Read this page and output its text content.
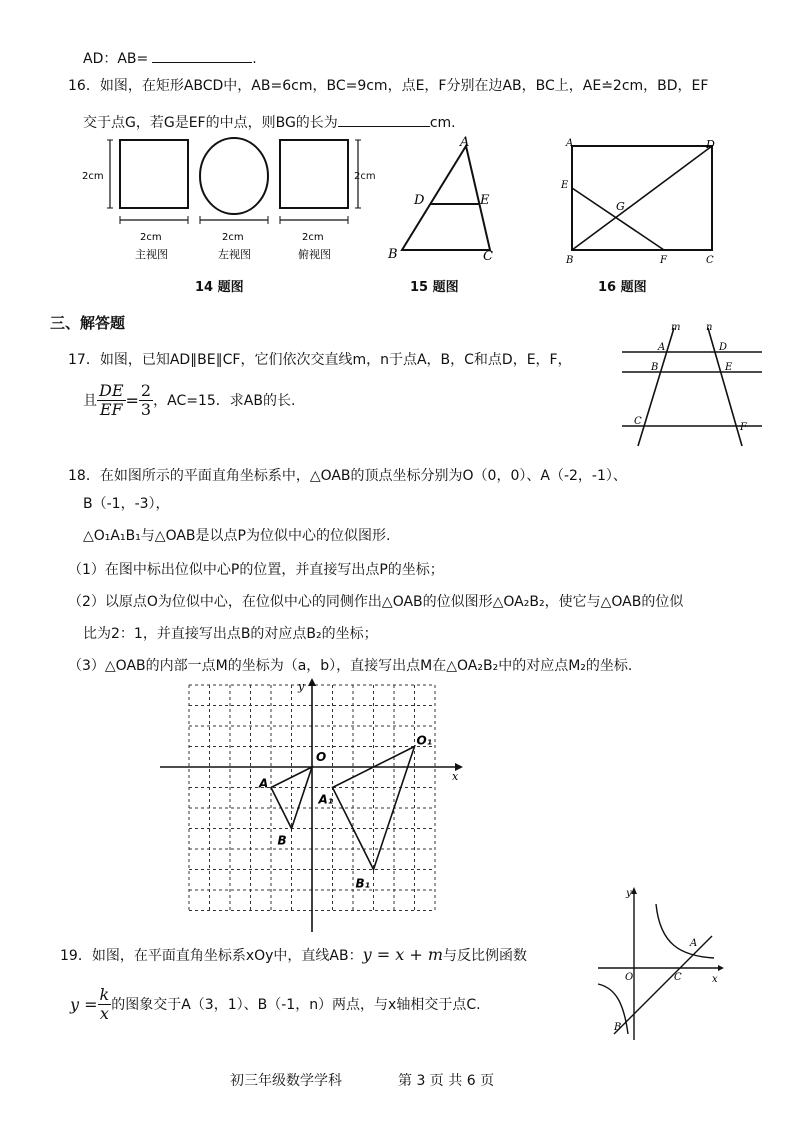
AD：AB=	.
16．如图，在矩形ABCD中，AB=6cm，BC=9cm，点E，F分别在边AB，BC上，AE≐2cm，BD，EF
交于点G，若G是EF的中点，则BG的长为	cm.
2cm
2cm
主视图
2cm
左视图
2cm
俯视图
2cm
14 题图
A
B	C
D	E
15 题图
A	D
E
G
B	F	C
16 题图
三、解答题
17．如图，已知AD∥BE∥CF，它们依次交直线m，n于点A，B，C和点D，E，F，
且 $\frac{DE}{EF} = \frac{2}{3}$ ，AC=15．求AB的长.
m	n
A	D
B	E
C
F
18．在如图所示的平面直角坐标系中，△OAB的顶点坐标分别为O（0，0）、A（-2，-1）、
B（-1，-3），
△O₁A₁B₁与△OAB是以点P为位似中心的位似图形.
（1）在图中标出位似中心P的位置，并直接写出点P的坐标；
（2）以原点O为位似中心，在位似中心的同侧作出△OAB的位似图形△OA₂B₂，使它与△OAB的位似
比为2：1，并直接写出点B的对应点B₂的坐标；
（3）△OAB的内部一点M的坐标为（a，b），直接写出点M在△OA₂B₂中的对应点M₂的坐标.
x
y
O
A
B
O₁
A₁
B₁
19．如图，在平面直角坐标系xOy中，直线AB：y = x + m与反比例函数
$y = \frac{k}{x}$ 的图象交于A（3，1）、B（-1，n）两点，与x轴相交于点C.
x
y
O
A
C
B
初三年级数学学科	第 3 页 共 6 页
